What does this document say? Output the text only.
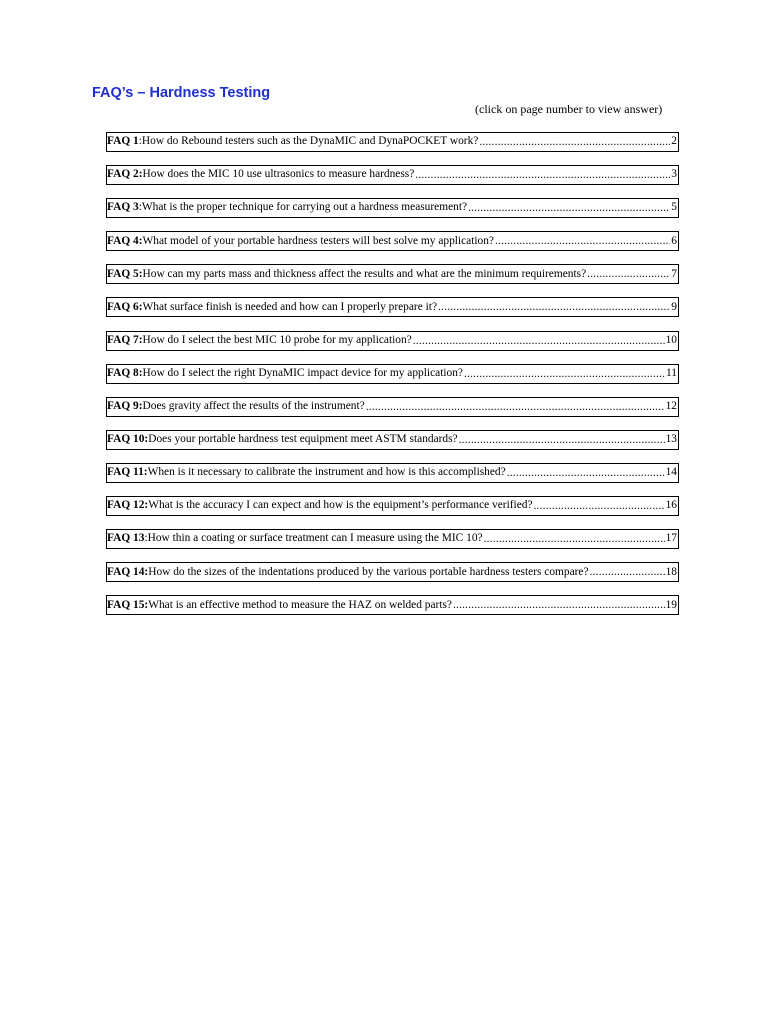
FAQ’s – Hardness Testing
(click on page number to view answer)
FAQ 1 : How do Rebound testers such as the DynaMIC and DynaPOCKET work? .....	2
FAQ 2: How does the MIC 10 use ultrasonics to measure hardness? .....	3
FAQ 3 : What is the proper technique for carrying out a hardness measurement? .....	5
FAQ 4: What model of your portable hardness testers will best solve my application? .....	6
FAQ 5: How can my parts mass and thickness affect the results and what are the minimum requirements? .....	7
FAQ 6: What surface finish is needed and how can I properly prepare it? .....	9
FAQ 7: How do I select the best MIC 10 probe for my application? .....	10
FAQ 8: How do I select the right DynaMIC impact device for my application? .....	11
FAQ 9: Does gravity affect the results of the instrument? .....	12
FAQ 10: Does your portable hardness test equipment meet ASTM standards? .....	13
FAQ 11: When is it necessary to calibrate the instrument and how is this accomplished? .....	14
FAQ 12: What is the accuracy I can expect and how is the equipment’s performance verified? .....	16
FAQ 13 : How thin a coating or surface treatment can I measure using the MIC 10? .....	17
FAQ 14: How do the sizes of the indentations produced by the various portable hardness testers compare? .....	18
FAQ 15: What is an effective method to measure the HAZ on welded parts? .....	19
